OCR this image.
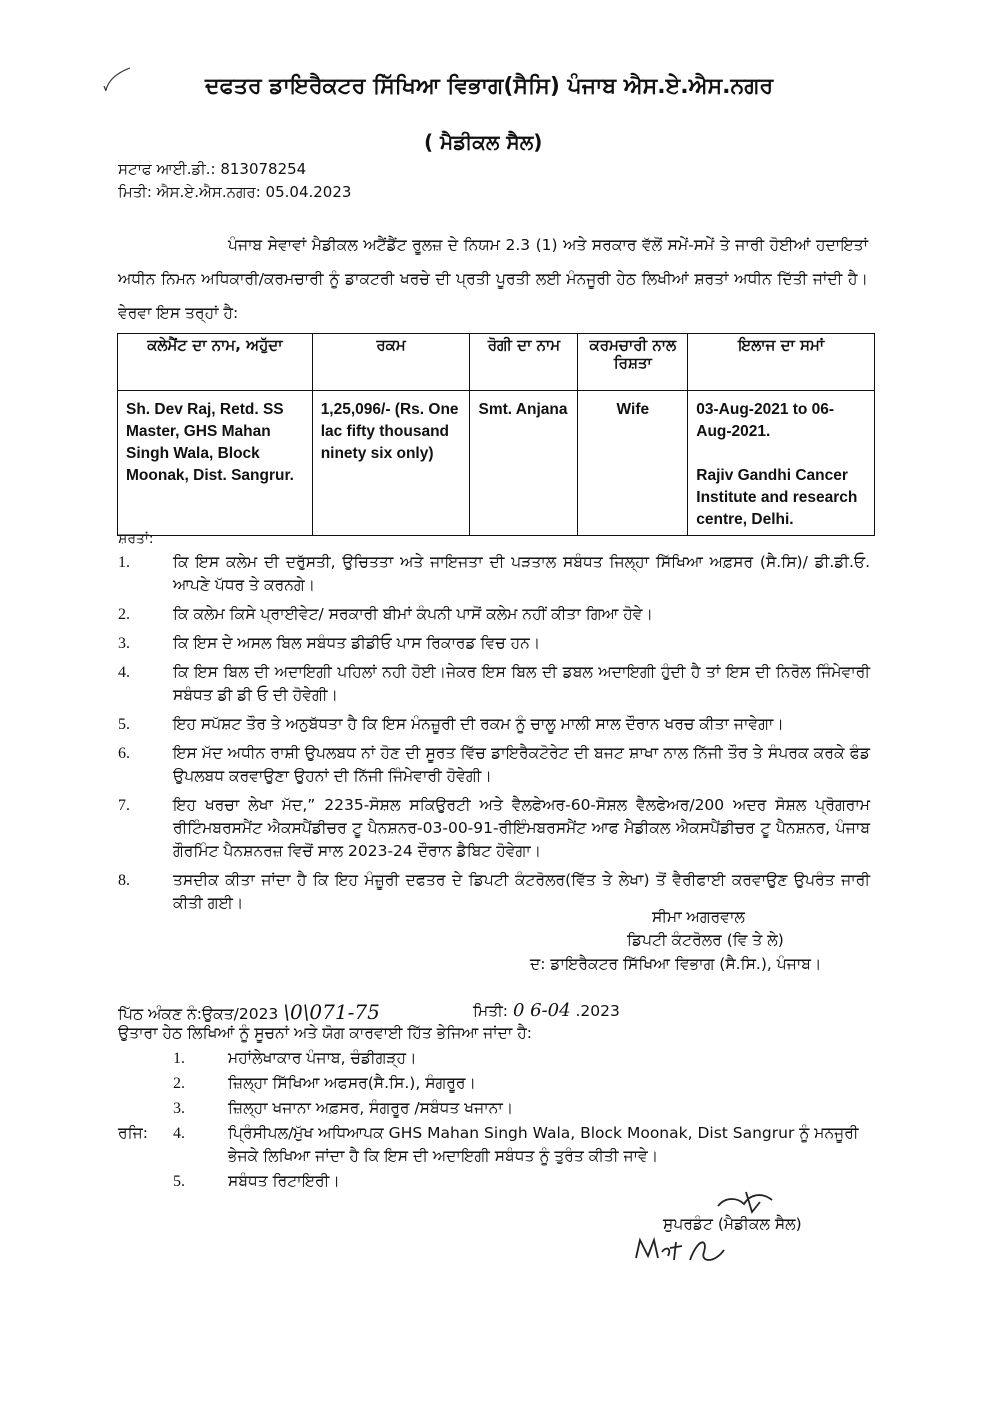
ਦਫਤਰ ਡਾਇਰੈਕਟਰ ਸਿੱਖਿਆ ਵਿਭਾਗ(ਸੈਸਿ) ਪੰਜਾਬ ਐਸ.ਏ.ਐਸ.ਨਗਰ
( ਮੈਡੀਕਲ ਸੈਲ)
ਸਟਾਫ ਆਈ.ਡੀ.: 813078254
ਮਿਤੀ: ਐਸ.ਏ.ਐਸ.ਨਗਰ: 05.04.2023
ਪੰਜਾਬ ਸੇਵਾਵਾਂ ਮੈਡੀਕਲ ਅਟੈਂਡੈਂਟ ਰੂਲਜ਼ ਦੇ ਨਿਯਮ 2.3 (1) ਅਤੇ ਸਰਕਾਰ ਵੱਲੋਂ ਸਮੇਂ-ਸਮੇਂ ਤੇ ਜਾਰੀ ਹੋਈਆਂ ਹਦਾਇਤਾਂ ਅਧੀਨ ਨਿਮਨ ਅਧਿਕਾਰੀ/ਕਰਮਚਾਰੀ ਨੂੰ ਡਾਕਟਰੀ ਖਰਚੇ ਦੀ ਪ੍ਰਤੀ ਪੂਰਤੀ ਲਈ ਮੰਨਜੂਰੀ ਹੇਠ ਲਿਖੀਆਂ ਸ਼ਰਤਾਂ ਅਧੀਨ ਦਿੱਤੀ ਜਾਂਦੀ ਹੈ। ਵੇਰਵਾ ਇਸ ਤਰ੍ਹਾਂ ਹੈ:
ਕਲੇਮੈਂਟ ਦਾ ਨਾਮ, ਅਹੁੱਦਾ	ਰਕਮ	ਰੋਗੀ ਦਾ ਨਾਮ	ਕਰਮਚਾਰੀ ਨਾਲ ਰਿਸ਼ਤਾ	ਇਲਾਜ ਦਾ ਸਮਾਂ
Sh. Dev Raj, Retd. SS Master, GHS Mahan Singh Wala, Block Moonak, Dist. Sangrur.	1,25,096/- (Rs. One lac fifty thousand ninety six only)	Smt. Anjana	Wife	03-Aug-2021 to 06-Aug-2021.
Rajiv Gandhi Cancer Institute and research centre, Delhi.
ਸ਼ਰਤਾਂ:
1.	ਕਿ ਇਸ ਕਲੇਮ ਦੀ ਦਰੁੱਸਤੀ, ਉਚਿਤਤਾ ਅਤੇ ਜਾਇਜਤਾ ਦੀ ਪੜਤਾਲ ਸਬੰਧਤ ਜਿਲ੍ਹਾ ਸਿੱਖਿਆ ਅਫ਼ਸਰ (ਸੈ.ਸਿ)/ ਡੀ.ਡੀ.ਓ. ਆਪਣੇ ਪੱਧਰ ਤੇ ਕਰਨਗੇ।
2.	ਕਿ ਕਲੇਮ ਕਿਸੇ ਪ੍ਰਾਈਵੇਟ/ ਸਰਕਾਰੀ ਬੀਮਾਂ ਕੰਪਨੀ ਪਾਸੋਂ ਕਲੇਮ ਨਹੀਂ ਕੀਤਾ ਗਿਆ ਹੋਵੇ।
3.	ਕਿ ਇਸ ਦੇ ਅਸਲ ਬਿਲ ਸਬੰਧਤ ਡੀਡੀਓ ਪਾਸ ਰਿਕਾਰਡ ਵਿਚ ਹਨ।
4.	ਕਿ ਇਸ ਬਿਲ ਦੀ ਅਦਾਇਗੀ ਪਹਿਲਾਂ ਨਹੀ ਹੋਈ।ਜੇਕਰ ਇਸ ਬਿਲ ਦੀ ਡਬਲ ਅਦਾਇਗੀ ਹੁੰਦੀ ਹੈ ਤਾਂ ਇਸ ਦੀ ਨਿਰੋਲ ਜਿੰਮੇਵਾਰੀ ਸਬੰਧਤ ਡੀ ਡੀ ਓ ਦੀ ਹੋਵੇਗੀ।
5.	ਇਹ ਸਪੱਸ਼ਟ ਤੌਰ ਤੇ ਅਨੁਬੱਧਤਾ ਹੈ ਕਿ ਇਸ ਮੰਨਜ਼ੂਰੀ ਦੀ ਰਕਮ ਨੂੰ ਚਾਲੂ ਮਾਲੀ ਸਾਲ ਦੌਰਾਨ ਖਰਚ ਕੀਤਾ ਜਾਵੇਗਾ।
6.	ਇਸ ਮੱਦ ਅਧੀਨ ਰਾਸ਼ੀ ਉਪਲਬਧ ਨਾਂ ਹੋਣ ਦੀ ਸੂਰਤ ਵਿੱਚ ਡਾਇਰੈਕਟੋਰੇਟ ਦੀ ਬਜਟ ਸ਼ਾਖਾ ਨਾਲ ਨਿੱਜੀ ਤੌਰ ਤੇ ਸੰਪਰਕ ਕਰਕੇ ਫੰਡ ਉਪਲਬਧ ਕਰਵਾਉਣਾ ਉਹਨਾਂ ਦੀ ਨਿੱਜੀ ਜਿੰਮੇਵਾਰੀ ਹੋਵੇਗੀ।
7.	ਇਹ ਖਰਚਾ ਲੇਖਾ ਮੱਦ,” 2235-ਸੋਸ਼ਲ ਸਕਿਉਰਟੀ ਅਤੇ ਵੈਲਫੇਅਰ-60-ਸੋਸ਼ਲ ਵੈਲਫੇਅਰ/200 ਅਦਰ ਸੋਸ਼ਲ ਪ੍ਰੋਗਰਾਮ ਰੀਟਿੰਮਬਰਸਮੈਂਟ ਐਕਸਪੈਂਡੀਚਰ ਟੂ ਪੈਨਸ਼ਨਰ-03-00-91-ਰੀਇੰਮਬਰਸਮੈਂਟ ਆਫ ਮੈਡੀਕਲ ਐਕਸਪੈਂਡੀਚਰ ਟੂ ਪੈਨਸ਼ਨਰ, ਪੰਜਾਬ ਗੌਰਮਿੰਟ ਪੈਨਸ਼ਨਰਜ਼ ਵਿਚੋਂ ਸਾਲ 2023-24 ਦੌਰਾਨ ਡੈਬਿਟ ਹੋਵੇਗਾ।
8.	ਤਸਦੀਕ ਕੀਤਾ ਜਾਂਦਾ ਹੈ ਕਿ ਇਹ ਮੰਜ਼ੂਰੀ ਦਫਤਰ ਦੇ ਡਿਪਟੀ ਕੰਟਰੋਲਰ(ਵਿੱਤ ਤੇ ਲੇਖਾ) ਤੋਂ ਵੈਰੀਫਾਈ ਕਰਵਾਉਣ ਉਪਰੰਤ ਜਾਰੀ ਕੀਤੀ ਗਈ।
ਸੀਮਾ ਅਗਰਵਾਲ
ਡਿਪਟੀ ਕੰਟਰੋਲਰ (ਵਿ ਤੇ ਲੇ)
ਦ: ਡਾਇਰੈਕਟਰ ਸਿੱਖਿਆ ਵਿਭਾਗ (ਸੈ.ਸਿ.), ਪੰਜਾਬ।
ਪਿੱਠ ਅੰਕਣ ਨੰ:ਉਕਤ/2023 \0\071-75	ਮਿਤੀ: 0 6-04 .2023
ਉਤਾਰਾ ਹੇਠ ਲਿਖਿਆਂ ਨੂੰ ਸੂਚਨਾਂ ਅਤੇ ਯੋਗ ਕਾਰਵਾਈ ਹਿੱਤ ਭੇਜਿਆ ਜਾਂਦਾ ਹੈ:
1.	ਮਹਾਂਲੇਖਾਕਾਰ ਪੰਜਾਬ, ਚੰਡੀਗੜ੍ਹ।
2.	ਜ਼ਿਲ੍ਹਾ ਸਿੱਖਿਆ ਅਫਸਰ(ਸੈ.ਸਿ.), ਸੰਗਰੂਰ।
3.	ਜ਼ਿਲ੍ਹਾ ਖਜਾਨਾ ਅਫ਼ਸਰ, ਸੰਗਰੂਰ /ਸਬੰਧਤ ਖਜਾਨਾ।
ਰਜਿ: 4.	ਪ੍ਰਿੰਸੀਪਲ/ਮੁੱਖ ਅਧਿਆਪਕ GHS Mahan Singh Wala, Block Moonak, Dist Sangrur ਨੂੰ ਮਨਜੂਰੀ ਭੇਜਕੇ ਲਿਖਿਆ ਜਾਂਦਾ ਹੈ ਕਿ ਇਸ ਦੀ ਅਦਾਇਗੀ ਸਬੰਧਤ ਨੂੰ ਤੁਰੰਤ ਕੀਤੀ ਜਾਵੇ।
5.	ਸਬੰਧਤ ਰਿਟਾਇਰੀ।
ਸੁਪਰਡੰਟ (ਮੈਡੀਕਲ ਸੈਲ)
